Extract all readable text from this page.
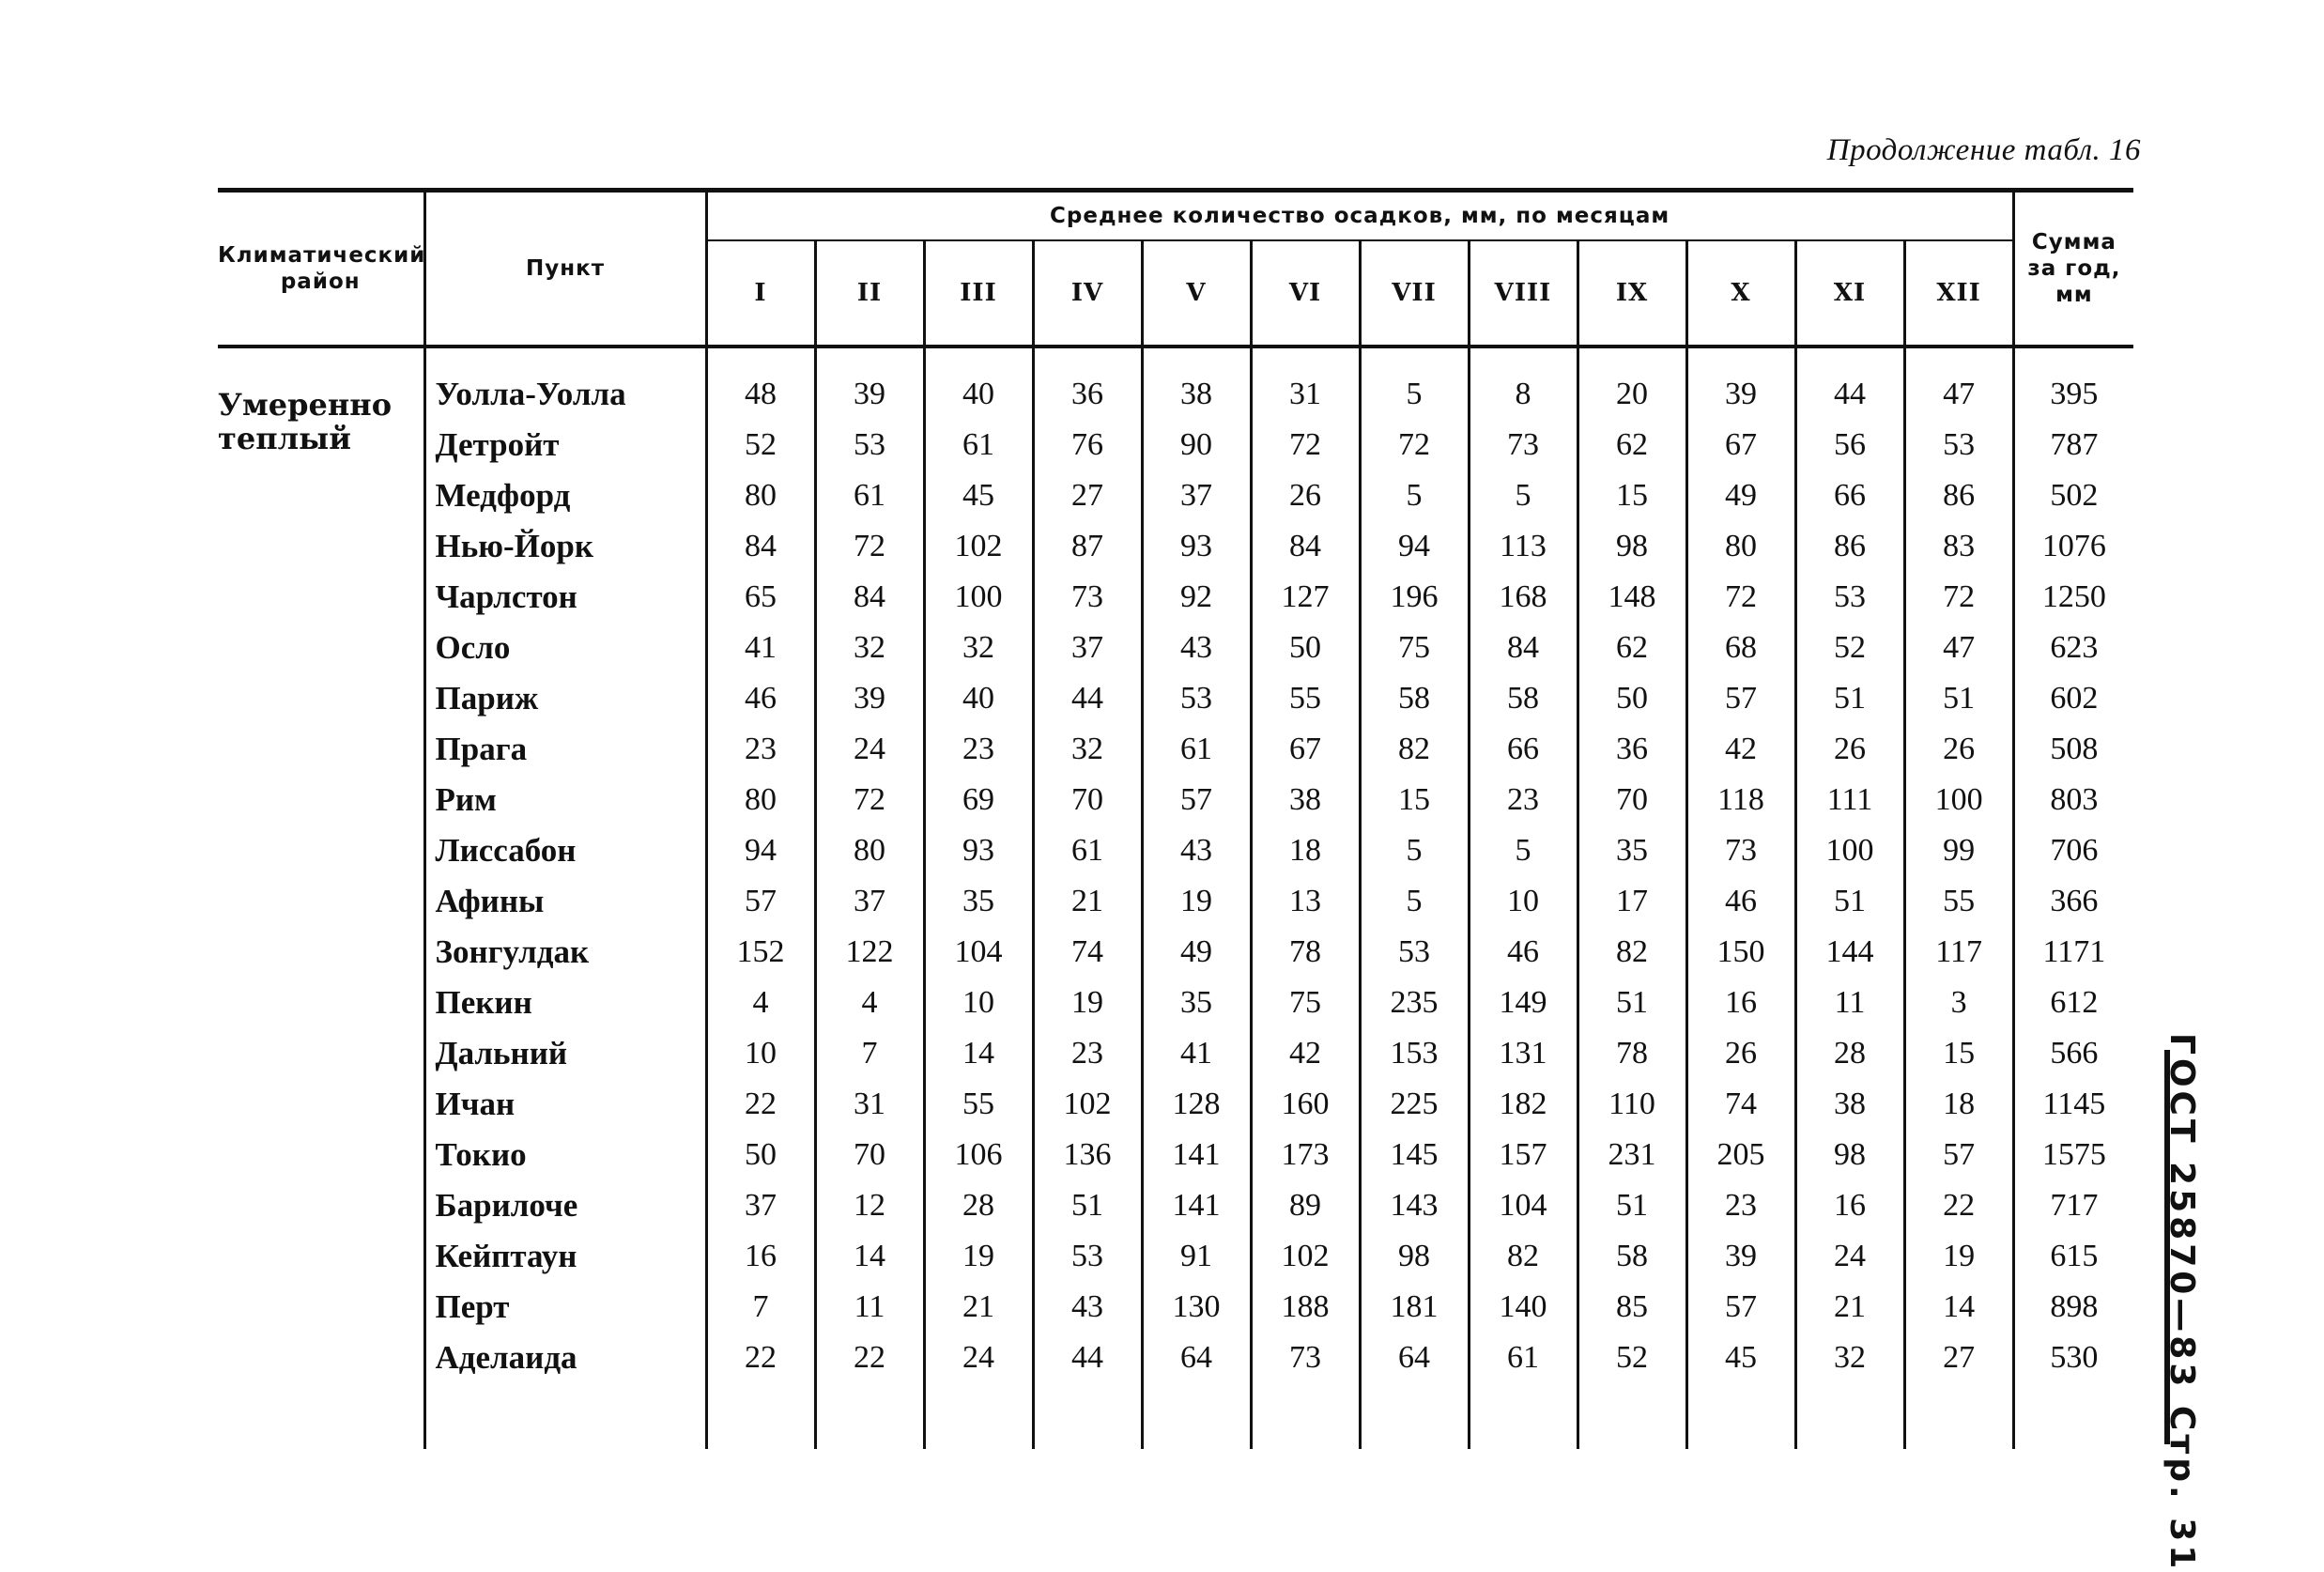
Продолжение табл. 16
Климатический район	Пункт	Среднее количество осадков, мм, по месяцам												Сумма за год, мм
		I	II	III	IV	V	VI	VII	VIII	IX	X	XI	XII	

Умеренно теплый	Уолла-Уолла	48	39	40	36	38	31	5	8	20	39	44	47	395
	Детройт	52	53	61	76	90	72	72	73	62	67	56	53	787
	Медфорд	80	61	45	27	37	26	5	5	15	49	66	86	502
	Нью-Йорк	84	72	102	87	93	84	94	113	98	80	86	83	1076
	Чарлстон	65	84	100	73	92	127	196	168	148	72	53	72	1250
	Осло	41	32	32	37	43	50	75	84	62	68	52	47	623
	Париж	46	39	40	44	53	55	58	58	50	57	51	51	602
	Прага	23	24	23	32	61	67	82	66	36	42	26	26	508
	Рим	80	72	69	70	57	38	15	23	70	118	111	100	803
	Лиссабон	94	80	93	61	43	18	5	5	35	73	100	99	706
	Афины	57	37	35	21	19	13	5	10	17	46	51	55	366
	Зонгулдак	152	122	104	74	49	78	53	46	82	150	144	117	1171
	Пекин	4	4	10	19	35	75	235	149	51	16	11	3	612
	Дальний	10	7	14	23	41	42	153	131	78	26	28	15	566
	Ичан	22	31	55	102	128	160	225	182	110	74	38	18	1145
	Токио	50	70	106	136	141	173	145	157	231	205	98	57	1575
	Барилоче	37	12	28	51	141	89	143	104	51	23	16	22	717
	Кейптаун	16	14	19	53	91	102	98	82	58	39	24	19	615
	Перт	7	11	21	43	130	188	181	140	85	57	21	14	898
	Аделаида	22	22	24	44	64	73	64	61	52	45	32	27	530
													ГОСТ 25870—83 Стр. 31
